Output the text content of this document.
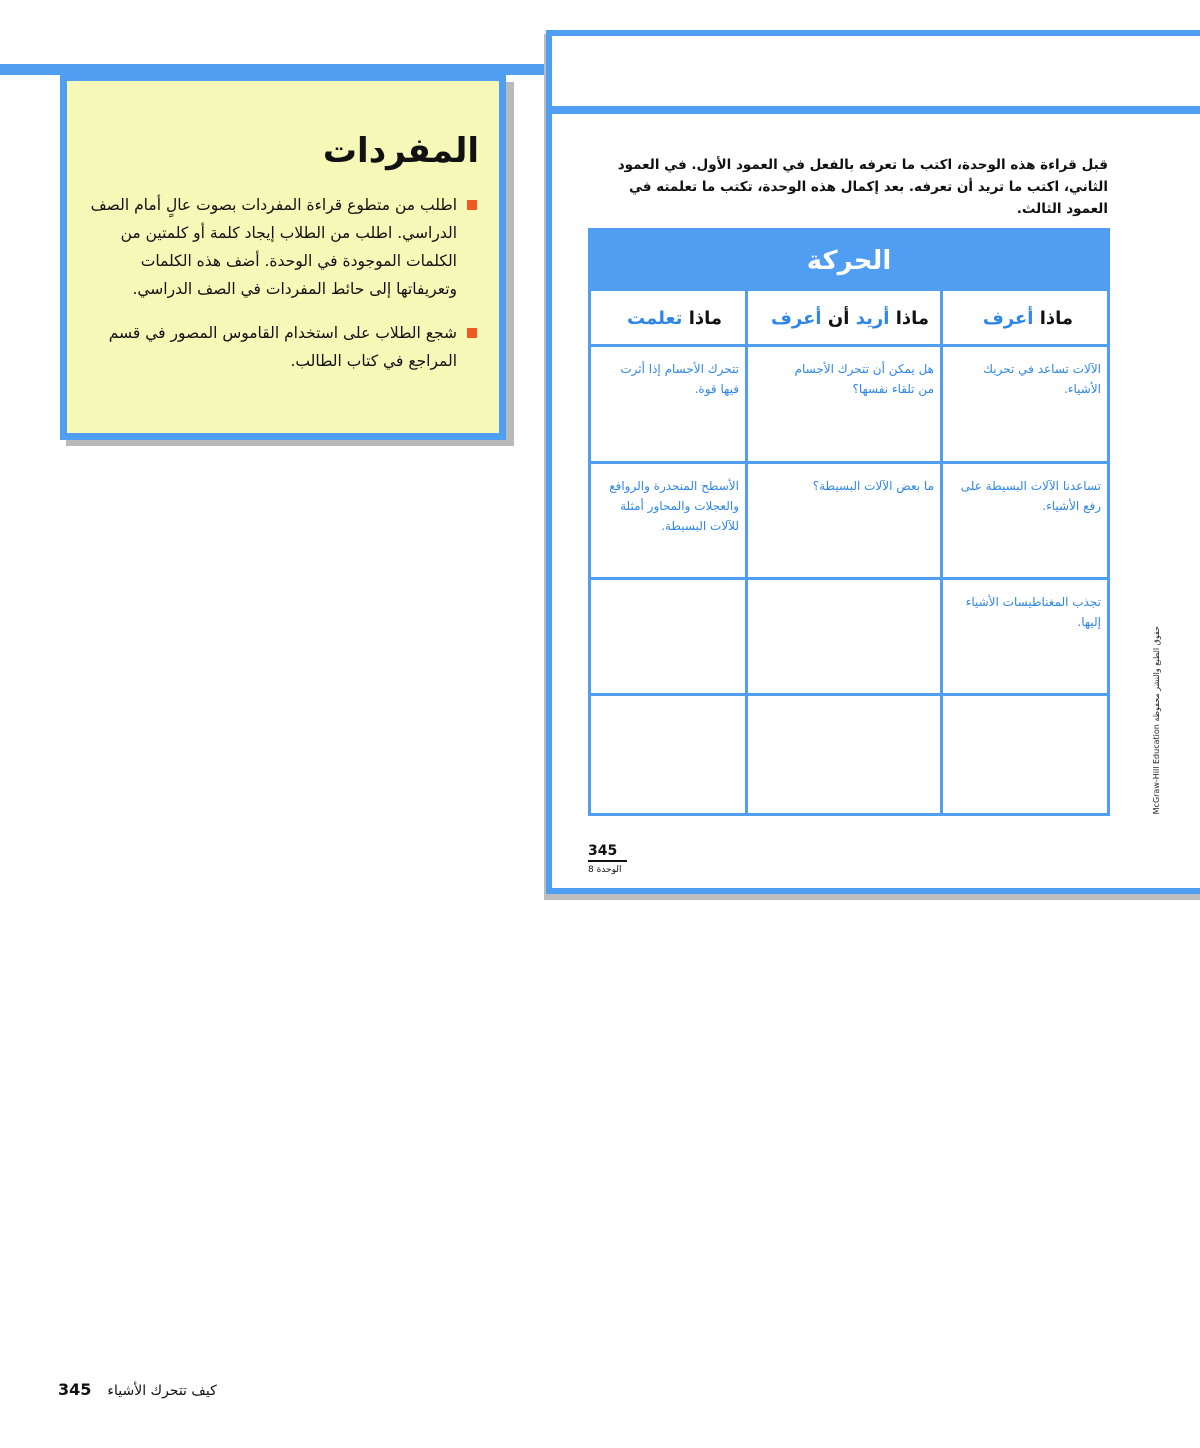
المفردات
اطلب من متطوع قراءة المفردات بصوت عالٍ أمام الصف الدراسي. اطلب من الطلاب إيجاد كلمة أو كلمتين من الكلمات الموجودة في الوحدة. أضف هذه الكلمات وتعريفاتها إلى حائط المفردات في الصف الدراسي.
شجع الطلاب على استخدام القاموس المصور في قسم المراجع في كتاب الطالب.
قبل قراءة هذه الوحدة، اكتب ما تعرفه بالفعل في العمود الأول. في العمود الثاني، اكتب ما تريد أن تعرفه. بعد إكمال هذه الوحدة، تكتب ما تعلمته في العمود الثالث.
الحركة
ماذا أعرف
ماذا أريد أن أعرف
ماذا تعلمت
الآلات تساعد في تحريك الأشياء.
هل يمكن أن تتحرك الأجسام من تلقاء نفسها؟
تتحرك الأجسام إذا أثرت فيها قوة.
تساعدنا الآلات البسيطة على رفع الأشياء.
ما بعض الآلات البسيطة؟
الأسطح المنحدرة والروافع والعجلات والمحاور أمثلة للآلات البسيطة.
تجذب المغناطيسات الأشياء إليها.
345
الوحدة 8
McGraw-Hill Education حقوق الطبع والنشر محفوظة
كيف تتحرك الأشياء
345
